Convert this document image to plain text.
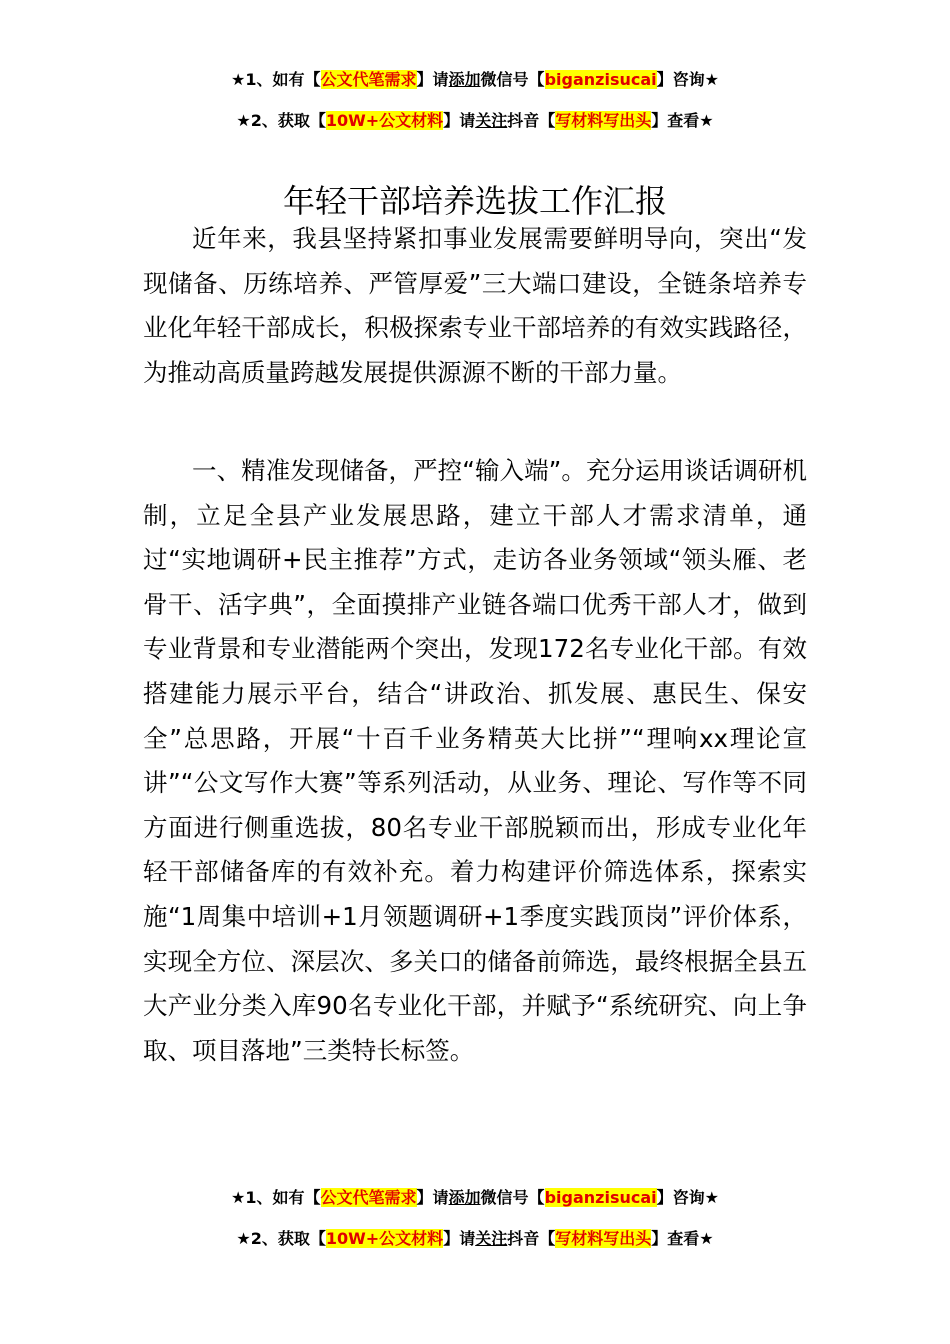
★1、如有【公文代笔需求】请添加微信号【biganzisucai】咨询★
★2、获取【10W+公文材料】请关注抖音【写材料写出头】查看★
年轻干部培养选拔工作汇报

近年来，我县坚持紧扣事业发展需要鲜明导向，突出“发现储备、历练培养、严管厚爱”三大端口建设，全链条培养专业化年轻干部成长，积极探索专业干部培养的有效实践路径，为推动高质量跨越发展提供源源不断的干部力量。

一、精准发现储备，严控“输入端”。充分运用谈话调研机制，立足全县产业发展思路，建立干部人才需求清单，通过“实地调研+民主推荐”方式，走访各业务领域“领头雁、老骨干、活字典”，全面摸排产业链各端口优秀干部人才，做到专业背景和专业潜能两个突出，发现172名专业化干部。有效搭建能力展示平台，结合“讲政治、抓发展、惠民生、保安全”总思路，开展“十百千业务精英大比拼”“理响xx理论宣讲”“公文写作大赛”等系列活动，从业务、理论、写作等不同方面进行侧重选拔，80名专业干部脱颖而出，形成专业化年轻干部储备库的有效补充。着力构建评价筛选体系，探索实施“1周集中培训+1月领题调研+1季度实践顶岗”评价体系，实现全方位、深层次、多关口的储备前筛选，最终根据全县五大产业分类入库90名专业化干部，并赋予“系统研究、向上争取、项目落地”三类特长标签。

★1、如有【公文代笔需求】请添加微信号【biganzisucai】咨询★
★2、获取【10W+公文材料】请关注抖音【写材料写出头】查看★
